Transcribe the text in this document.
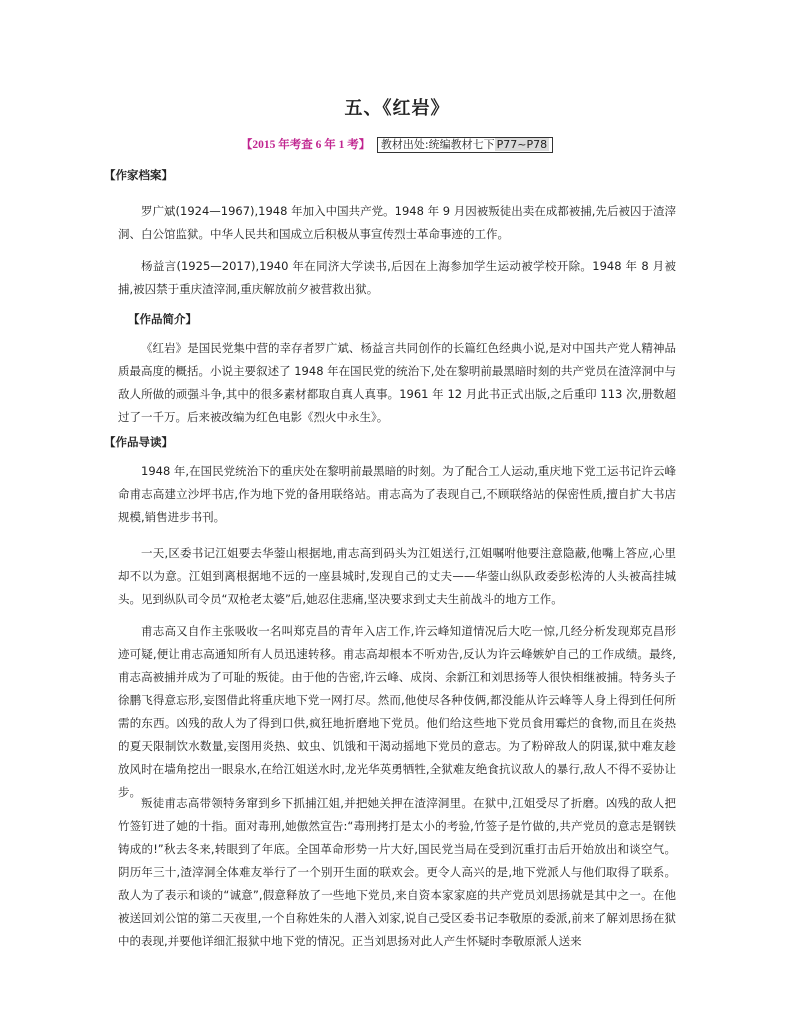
五、《红岩》
【2015 年考查 6 年 1 考】 教材出处:统编教材七下 P77~P78
【作家档案】

罗广斌(1924—1967),1948 年加入中国共产党。1948 年 9 月因被叛徒出卖在成都被捕,先后被囚于渣滓洞、白公馆监狱。中华人民共和国成立后积极从事宣传烈士革命事迹的工作。

杨益言(1925—2017),1940 年在同济大学读书,后因在上海参加学生运动被学校开除。1948 年 8 月被捕,被囚禁于重庆渣滓洞,重庆解放前夕被营救出狱。

【作品简介】

《红岩》是国民党集中营的幸存者罗广斌、杨益言共同创作的长篇红色经典小说,是对中国共产党人精神品质最高度的概括。小说主要叙述了 1948 年在国民党的统治下,处在黎明前最黑暗时刻的共产党员在渣滓洞中与敌人所做的顽强斗争,其中的很多素材都取自真人真事。1961 年 12 月此书正式出版,之后重印 113 次,册数超过了一千万。后来被改编为红色电影《烈火中永生》。

【作品导读】

1948 年,在国民党统治下的重庆处在黎明前最黑暗的时刻。为了配合工人运动,重庆地下党工运书记许云峰命甫志高建立沙坪书店,作为地下党的备用联络站。甫志高为了表现自己,不顾联络站的保密性质,擅自扩大书店规模,销售进步书刊。

一天,区委书记江姐要去华蓥山根据地,甫志高到码头为江姐送行,江姐嘱咐他要注意隐蔽,他嘴上答应,心里却不以为意。江姐到离根据地不远的一座县城时,发现自己的丈夫——华蓥山纵队政委彭松涛的人头被高挂城头。见到纵队司令员“双枪老太婆”后,她忍住悲痛,坚决要求到丈夫生前战斗的地方工作。

甫志高又自作主张吸收一名叫郑克昌的青年入店工作,许云峰知道情况后大吃一惊,几经分析发现郑克昌形迹可疑,便让甫志高通知所有人员迅速转移。甫志高却根本不听劝告,反认为许云峰嫉妒自己的工作成绩。最终,甫志高被捕并成为了可耻的叛徒。由于他的告密,许云峰、成岗、余新江和刘思扬等人很快相继被捕。特务头子徐鹏飞得意忘形,妄图借此将重庆地下党一网打尽。然而,他使尽各种伎俩,都没能从许云峰等人身上得到任何所需的东西。凶残的敌人为了得到口供,疯狂地折磨地下党员。他们给这些地下党员食用霉烂的食物,而且在炎热的夏天限制饮水数量,妄图用炎热、蚊虫、饥饿和干渴动摇地下党员的意志。为了粉碎敌人的阴谋,狱中难友趁放风时在墙角挖出一眼泉水,在给江姐送水时,龙光华英勇牺牲,全狱难友绝食抗议敌人的暴行,敌人不得不妥协让步。

叛徒甫志高带领特务窜到乡下抓捕江姐,并把她关押在渣滓洞里。在狱中,江姐受尽了折磨。凶残的敌人把竹签钉进了她的十指。面对毒刑,她傲然宣告:“毒刑拷打是太小的考验,竹签子是竹做的,共产党员的意志是钢铁铸成的!”秋去冬来,转眼到了年底。全国革命形势一片大好,国民党当局在受到沉重打击后开始放出和谈空气。阴历年三十,渣滓洞全体难友举行了一个别开生面的联欢会。更令人高兴的是,地下党派人与他们取得了联系。敌人为了表示和谈的“诚意”,假意释放了一些地下党员,来自资本家家庭的共产党员刘思扬就是其中之一。在他被送回刘公馆的第二天夜里,一个自称姓朱的人潜入刘家,说自己受区委书记李敬原的委派,前来了解刘思扬在狱中的表现,并要他详细汇报狱中地下党的情况。正当刘思扬对此人产生怀疑时李敬原派人送来
